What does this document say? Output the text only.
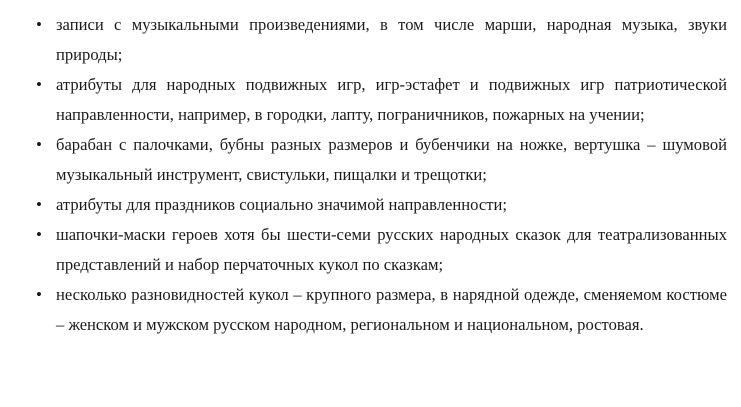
• записи с музыкальными произведениями, в том числе марши, народная музыка, звуки природы;
• атрибуты для народных подвижных игр, игр-эстафет и подвижных игр патриотической направленности, например, в городки, лапту, пограничников, пожарных на учении;
• барабан с палочками, бубны разных размеров и бубенчики на ножке, вертушка – шумовой музыкальный инструмент, свистульки, пищалки и трещотки;
• атрибуты для праздников социально значимой направленности;
• шапочки-маски героев хотя бы шести-семи русских народных сказок для театрализованных представлений и набор перчаточных кукол по сказкам;
• несколько разновидностей кукол – крупного размера, в нарядной одежде, сменяемом костюме – женском и мужском русском народном, региональном и национальном, ростовая.
